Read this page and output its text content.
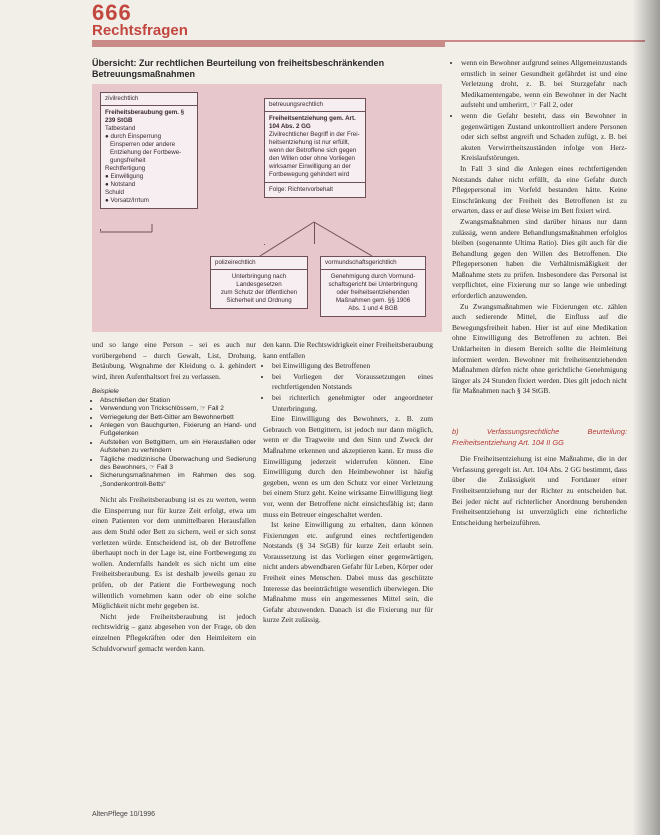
666
Rechtsfragen
Übersicht: Zur rechtlichen Beurteilung von freiheitsbeschränkenden Betreuungsmaßnahmen
zivilrechtlich

Freiheitsberaubung gem. § 239 StGB

Tatbestand

● durch Einsperrung

Einsperren oder andere

Entziehung der Fortbewe-

gungsfreiheit

Rechtfertigung

● Einwilligung

● Notstand

Schuld

● Vorsatz/Irrtum

betreuungsrechtlich

Freiheitsentziehung gem. Art. 104 Abs. 2 GG

Zivilrechtlicher Begriff in der Frei-

heitsentziehung ist nur erfüllt,

wenn der Betroffene sich gegen

den Willen oder ohne Vorliegen

wirksamer Einwilligung an der

Fortbewegung gehindert wird

Folge: Richtervorbehalt
polizeirechtlich

Unterbringung nach

Landesgesetzen

zum Schutz der öffentlichen

Sicherheit und Ordnung

vormundschaftsgerichtlich

Genehmigung durch Vormund-

schaftsgericht bei Unterbringung

oder freiheitsentziehenden

Maßnahmen gem. §§ 1906

Abs. 1 und 4 BGB

und so lange eine Person – sei es auch nur vorübergehend – durch Gewalt, List, Drohung, Betäubung, Wegnahme der Kleidung o. ä. gehindert wird, ihren Aufenthaltsort frei zu verlassen.

Beispiele

• Abschließen der Station
• Verwendung von Trickschlössern, ☞ Fall 2
• Verriegelung der Bett-Gitter am Bewohnerbett
• Anlegen von Bauchgurten, Fixierung an Hand- und Fußgelenken
• Aufstellen von Bettgittern, um ein Herausfallen oder Aufstehen zu verhindern
• Tägliche medizinische Überwachung und Sedierung des Bewohners, ☞ Fall 3
• Sicherungsmaßnahmen im Rahmen des sog. „Sondenkontroll-Betts“

Nicht als Freiheitsberaubung ist es zu werten, wenn die Einsperrung nur für kurze Zeit erfolgt, etwa um einen Patienten vor dem unmittelbaren Herausfallen aus dem Stuhl oder Bett zu sichern, weil er sich sonst verletzen würde. Entscheidend ist, ob der Betroffene überhaupt noch in der Lage ist, eine Fortbewegung zu wollen. Andernfalls handelt es sich nicht um eine Freiheitsberaubung. Es ist deshalb jeweils genau zu prüfen, ob der Patient die Fortbewegung noch willentlich vornehmen kann oder ob eine solche Möglichkeit nicht mehr gegeben ist.

Nicht jede Freiheitsberaubung ist jedoch rechtswidrig – ganz abgesehen von der Frage, ob den einzelnen Pflegekräften oder den Heimleitern ein Schuldvorwurf gemacht werden kann.

den kann. Die Rechtswidrigkeit einer Freiheitsberaubung kann entfallen

• bei Einwilligung des Betroffenen
• bei Vorliegen der Voraussetzungen eines rechtfertigenden Notstands
• bei richterlich genehmigter oder angeordneter Unterbringung.

Eine Einwilligung des Bewohners, z. B. zum Gebrauch von Bettgittern, ist jedoch nur dann möglich, wenn er die Tragweite und den Sinn und Zweck der Maßnahme erkennen und akzeptieren kann. Er muss die Einwilligung jederzeit widerrufen können. Eine Einwilligung durch den Heimbewohner ist häufig gegeben, wenn es um den Schutz vor einer Verletzung bei einem Sturz geht. Keine wirksame Einwilligung liegt vor, wenn der Betroffene nicht einsichtsfähig ist; dann muss ein Betreuer eingeschaltet werden.

Ist keine Einwilligung zu erhalten, dann können Fixierungen etc. aufgrund eines rechtfertigenden Notstands (§ 34 StGB) für kurze Zeit erlaubt sein. Voraussetzung ist das Vorliegen einer gegenwärtigen, nicht anders abwendbaren Gefahr für Leben, Körper oder Freiheit eines Menschen. Dabei muss das geschützte Interesse das beeinträchtigte wesentlich überwiegen. Die Maßnahme muss ein angemessenes Mittel sein, die Gefahr abzuwenden. Danach ist die Fixierung nur für kurze Zeit zulässig.

• wenn ein Bewohner aufgrund seines Allgemeinzustands ernstlich in seiner Gesundheit gefährdet ist und eine Verletzung droht, z. B. bei Sturzgefahr nach Medikamentengabe, wenn ein Bewohner in der Nacht aufsteht und umherirrt, ☞ Fall 2, oder
• wenn die Gefahr besteht, dass ein Bewohner in gegenwärtigen Zustand unkontrolliert andere Personen oder sich selbst angreift und Schaden zufügt, z. B. bei akuten Verwirrtheitszuständen infolge von Herz-Kreislaufstörungen.

In Fall 3 sind die Anlegen eines rechtfertigenden Notstands daher nicht erfüllt, da eine Gefahr durch Pflegepersonal im Vorfeld bestanden hätte. Keine Einschränkung der Freiheit des Betroffenen ist zu erwarten, dass er auf diese Weise im Bett fixiert wird.

Zwangsmaßnahmen sind darüber hinaus nur dann zulässig, wenn andere Behandlungsmaßnahmen erfolglos bleiben (sogenannte Ultima Ratio). Dies gilt auch für die Behandlung gegen den Willen des Betroffenen. Die Pflegepersonen haben die Verhältnismäßigkeit der Maßnahme stets zu prüfen. Insbesondere das Personal ist verpflichtet, eine Fixierung nur so lange wie unbedingt erforderlich anzuwenden.

Zu Zwangsmaßnahmen wie Fixierungen etc. zählen auch sedierende Mittel, die Einfluss auf die Bewegungsfreiheit haben. Hier ist auf eine Medikation ohne Einwilligung des Betroffenen zu achten. Bei Unklarheiten in diesem Bereich sollte die Heimleitung informiert werden. Bewohner mit freiheitsentziehenden Maßnahmen dürfen nicht ohne gerichtliche Genehmigung länger als 24 Stunden fixiert werden. Dies gilt jedoch nicht für Maßnahmen nach § 34 StGB.

b) Verfassungsrechtliche Beurteilung: Freiheitsentziehung Art. 104 II GG

Die Freiheitsentziehung ist eine Maßnahme, die in der Verfassung geregelt ist. Art. 104 Abs. 2 GG bestimmt, dass über die Zulässigkeit und Fortdauer einer Freiheitsentziehung nur der Richter zu entscheiden hat. Bei jeder nicht auf richterlicher Anordnung beruhenden Freiheitsentziehung ist unverzüglich eine richterliche Entscheidung herbeizuführen.

AltenPflege 10/1996
